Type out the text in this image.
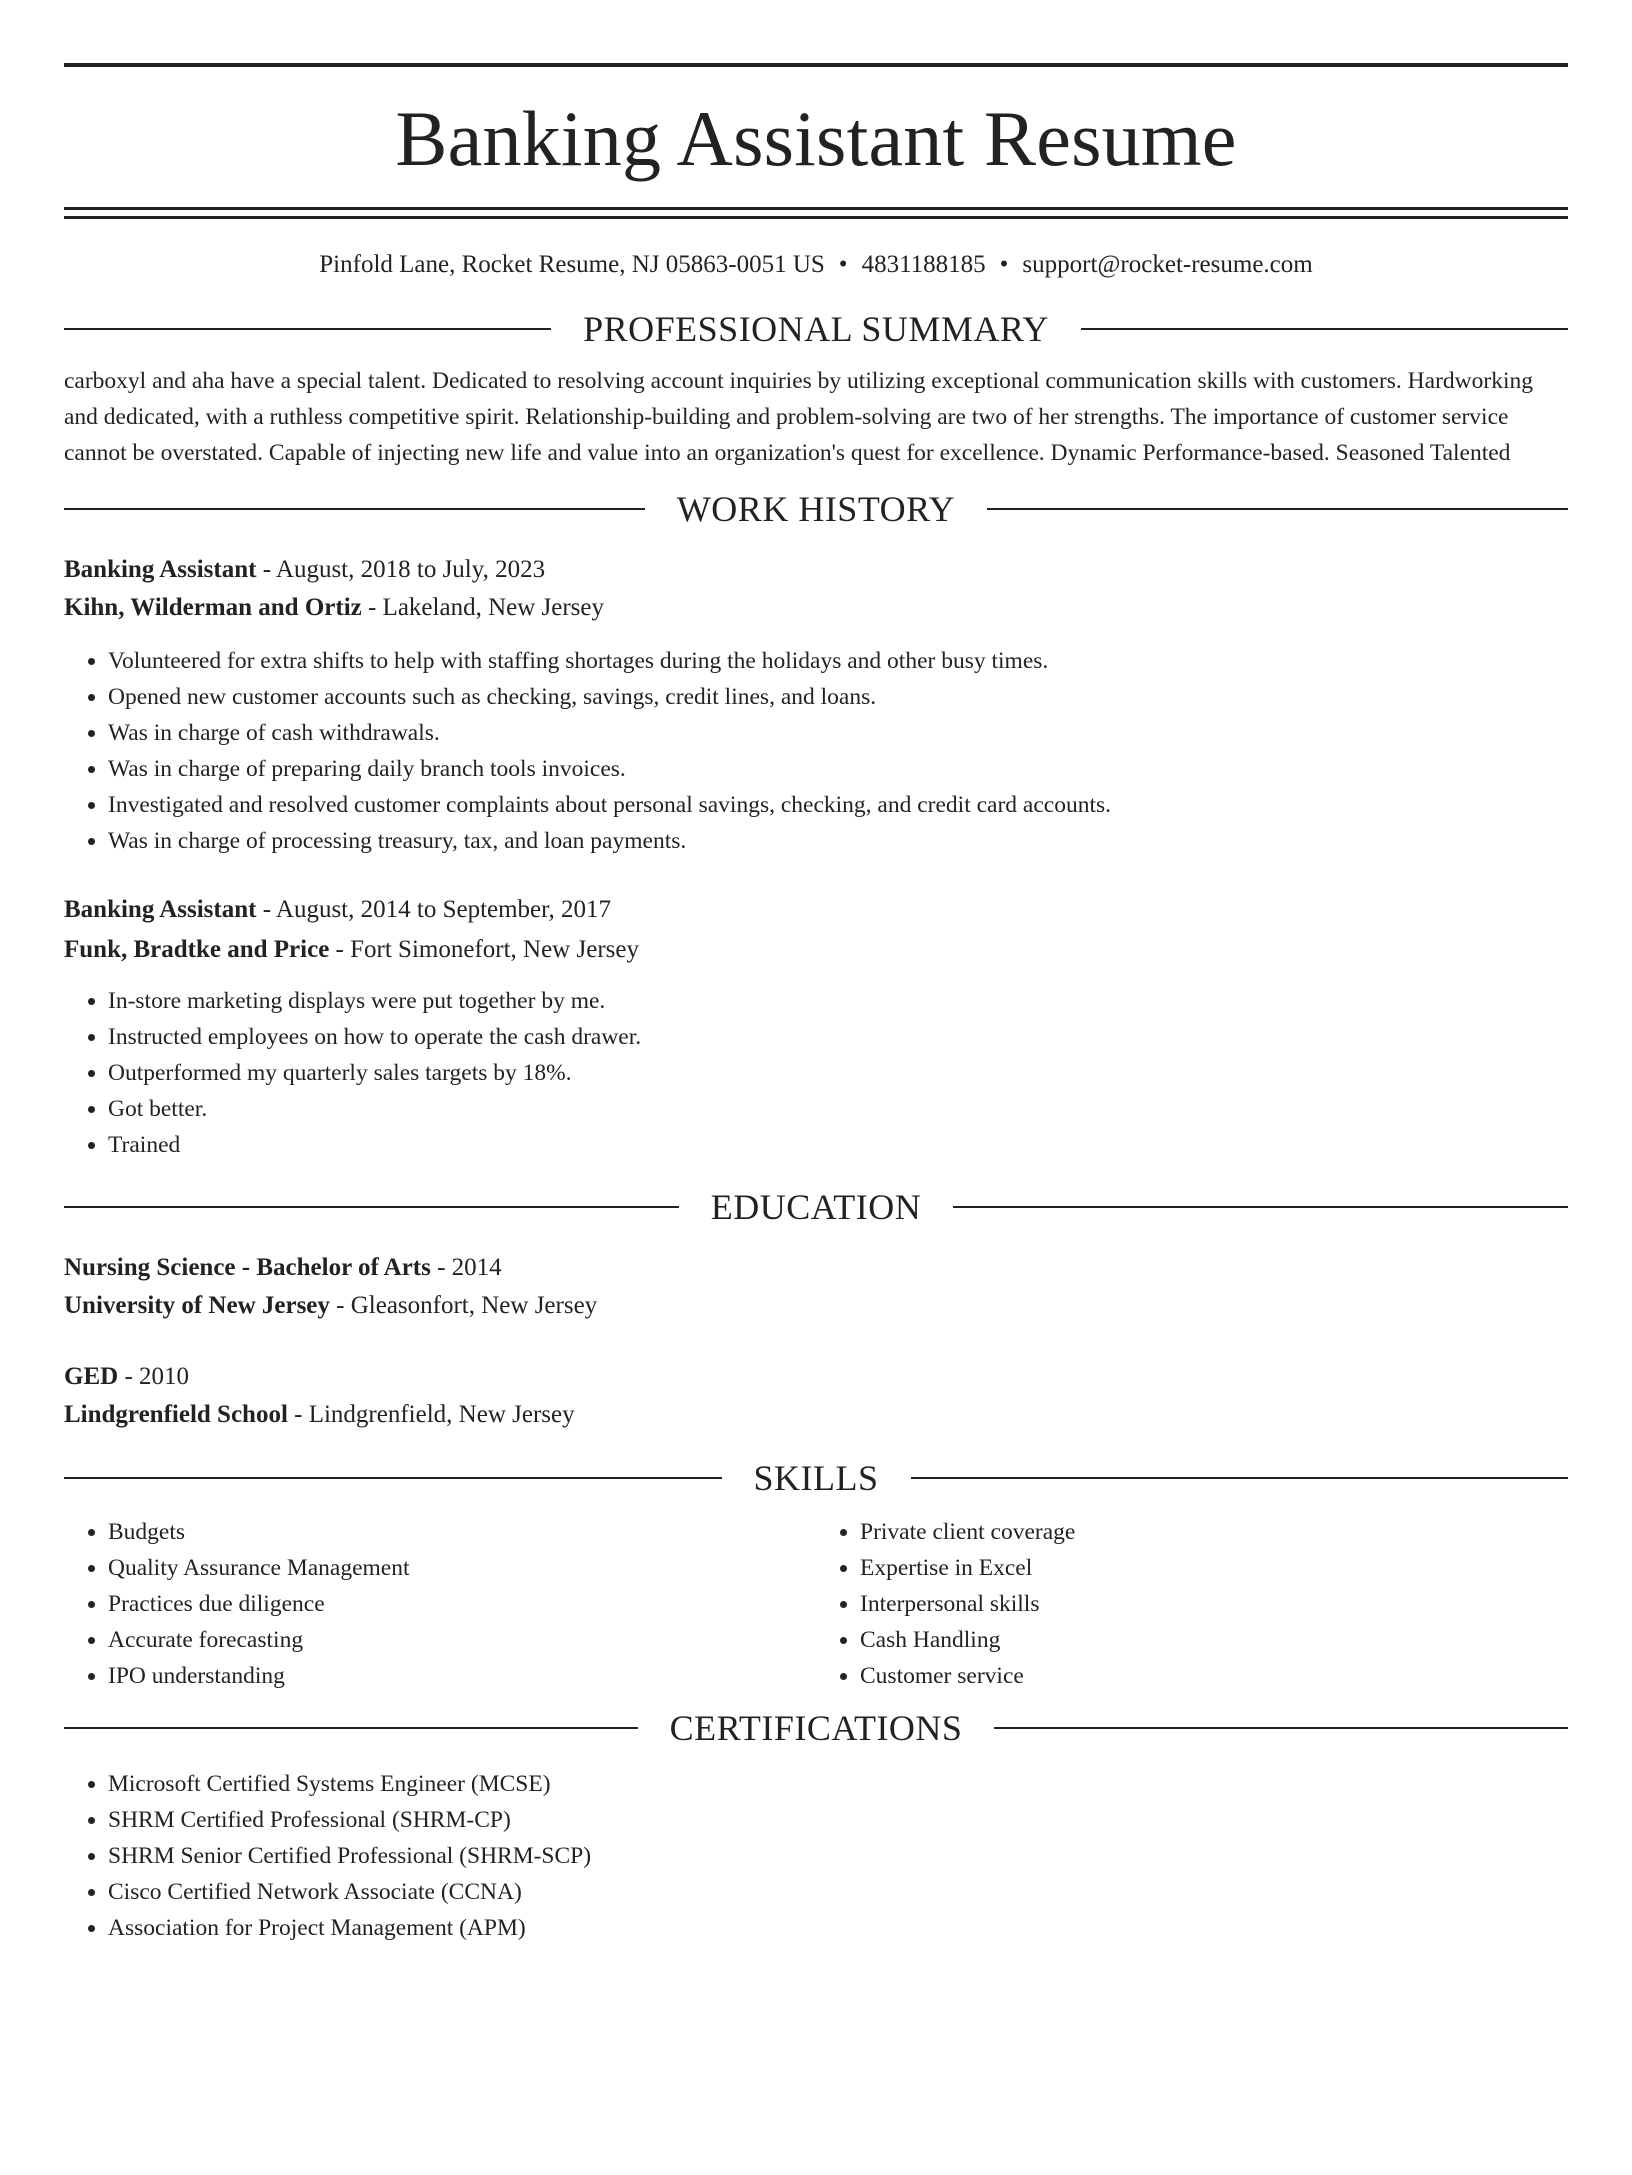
Banking Assistant Resume
Pinfold Lane, Rocket Resume, NJ 05863-0051 US • 4831188185 • support@rocket-resume.com
PROFESSIONAL SUMMARY

carboxyl and aha have a special talent. Dedicated to resolving account inquiries by utilizing exceptional communication skills with customers. Hardworking and dedicated, with a ruthless competitive spirit. Relationship-building and problem-solving are two of her strengths. The importance of customer service cannot be overstated. Capable of injecting new life and value into an organization's quest for excellence. Dynamic Performance-based. Seasoned Talented

WORK HISTORY
Banking Assistant - August, 2018 to July, 2023
Kihn, Wilderman and Ortiz - Lakeland, New Jersey
• Volunteered for extra shifts to help with staffing shortages during the holidays and other busy times.
• Opened new customer accounts such as checking, savings, credit lines, and loans.
• Was in charge of cash withdrawals.
• Was in charge of preparing daily branch tools invoices.
• Investigated and resolved customer complaints about personal savings, checking, and credit card accounts.
• Was in charge of processing treasury, tax, and loan payments.
Banking Assistant - August, 2014 to September, 2017
Funk, Bradtke and Price - Fort Simonefort, New Jersey
• In-store marketing displays were put together by me.
• Instructed employees on how to operate the cash drawer.
• Outperformed my quarterly sales targets by 18%.
• Got better.
• Trained
EDUCATION
Nursing Science - Bachelor of Arts - 2014
University of New Jersey - Gleasonfort, New Jersey
GED - 2010
Lindgrenfield School - Lindgrenfield, New Jersey
SKILLS
• Budgets
• Quality Assurance Management
• Practices due diligence
• Accurate forecasting
• IPO understanding
• Private client coverage
• Expertise in Excel
• Interpersonal skills
• Cash Handling
• Customer service
CERTIFICATIONS
• Microsoft Certified Systems Engineer (MCSE)
• SHRM Certified Professional (SHRM-CP)
• SHRM Senior Certified Professional (SHRM-SCP)
• Cisco Certified Network Associate (CCNA)
• Association for Project Management (APM)
